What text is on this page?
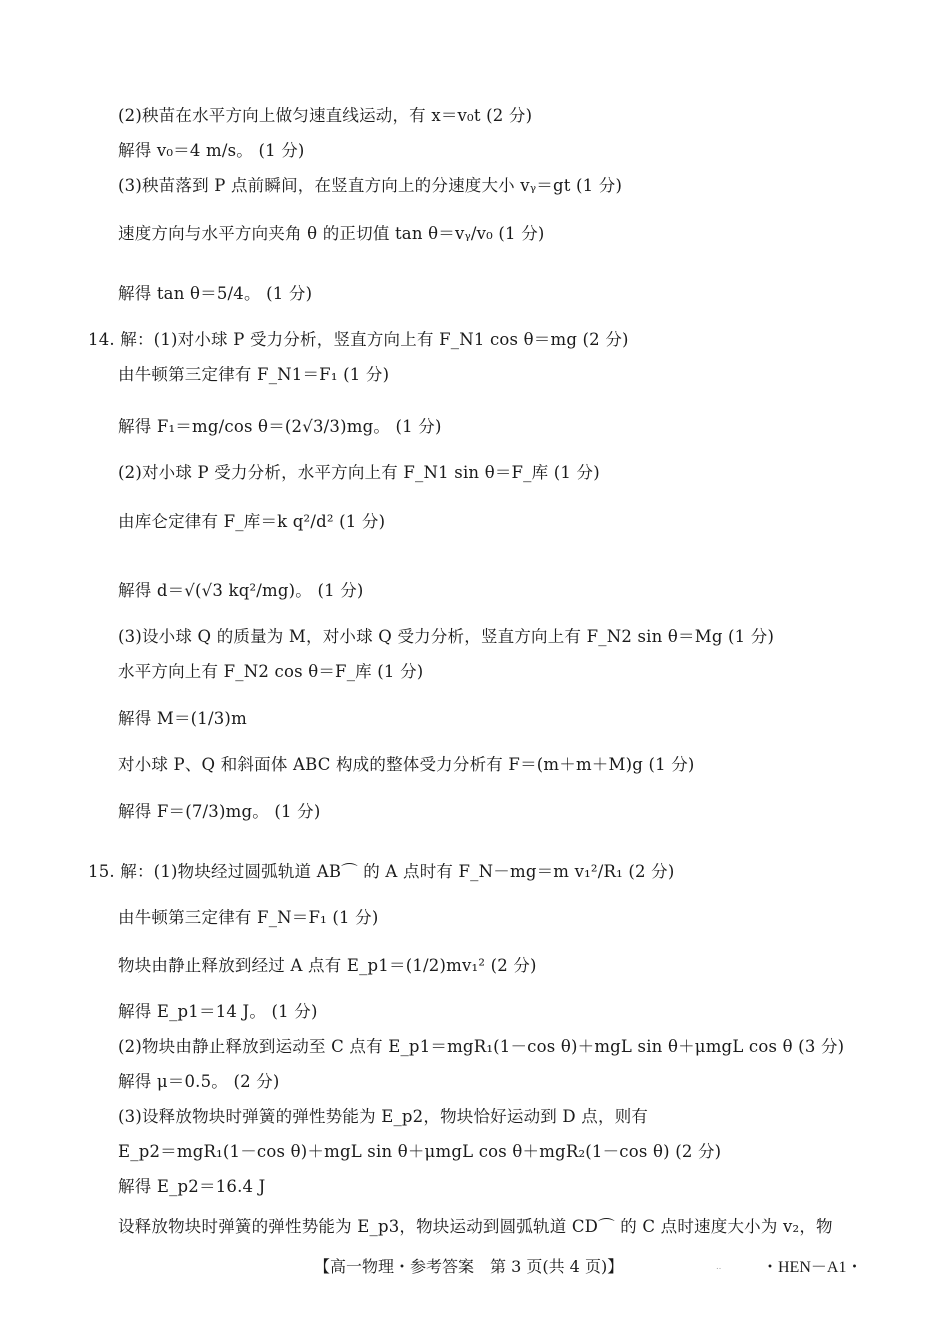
(2)秧苗在水平方向上做匀速直线运动，有 x＝v₀t (2 分)
解得 v₀＝4 m/s。 (1 分)
(3)秧苗落到 P 点前瞬间，在竖直方向上的分速度大小 vᵧ＝gt (1 分)
速度方向与水平方向夹角 θ 的正切值 tan θ＝vᵧ/v₀ (1 分)
解得 tan θ＝5/4。 (1 分)
14. 解：(1)对小球 P 受力分析，竖直方向上有 F_N1 cos θ＝mg (2 分)
由牛顿第三定律有 F_N1＝F₁ (1 分)
解得 F₁＝mg/cos θ＝(2√3/3)mg。 (1 分)
(2)对小球 P 受力分析，水平方向上有 F_N1 sin θ＝F_库 (1 分)
由库仑定律有 F_库＝k q²/d² (1 分)
解得 d＝√(√3 kq²/mg)。 (1 分)
(3)设小球 Q 的质量为 M，对小球 Q 受力分析，竖直方向上有 F_N2 sin θ＝Mg (1 分)
水平方向上有 F_N2 cos θ＝F_库 (1 分)
解得 M＝(1/3)m
对小球 P、Q 和斜面体 ABC 构成的整体受力分析有 F＝(m＋m＋M)g (1 分)
解得 F＝(7/3)mg。 (1 分)
15. 解：(1)物块经过圆弧轨道 AB⌒ 的 A 点时有 F_N－mg＝m v₁²/R₁ (2 分)
由牛顿第三定律有 F_N＝F₁ (1 分)
物块由静止释放到经过 A 点有 E_p1＝(1/2)mv₁² (2 分)
解得 E_p1＝14 J。 (1 分)
(2)物块由静止释放到运动至 C 点有 E_p1＝mgR₁(1－cos θ)＋mgL sin θ＋μmgL cos θ (3 分)
解得 μ＝0.5。 (2 分)
(3)设释放物块时弹簧的弹性势能为 E_p2，物块恰好运动到 D 点，则有
E_p2＝mgR₁(1－cos θ)＋mgL sin θ＋μmgL cos θ＋mgR₂(1－cos θ) (2 分)
解得 E_p2＝16.4 J
设释放物块时弹簧的弹性势能为 E_p3，物块运动到圆弧轨道 CD⌒ 的 C 点时速度大小为 v₂，物
【高一物理・参考答案　第 3 页(共 4 页)】	‥	・HEN－A1・
